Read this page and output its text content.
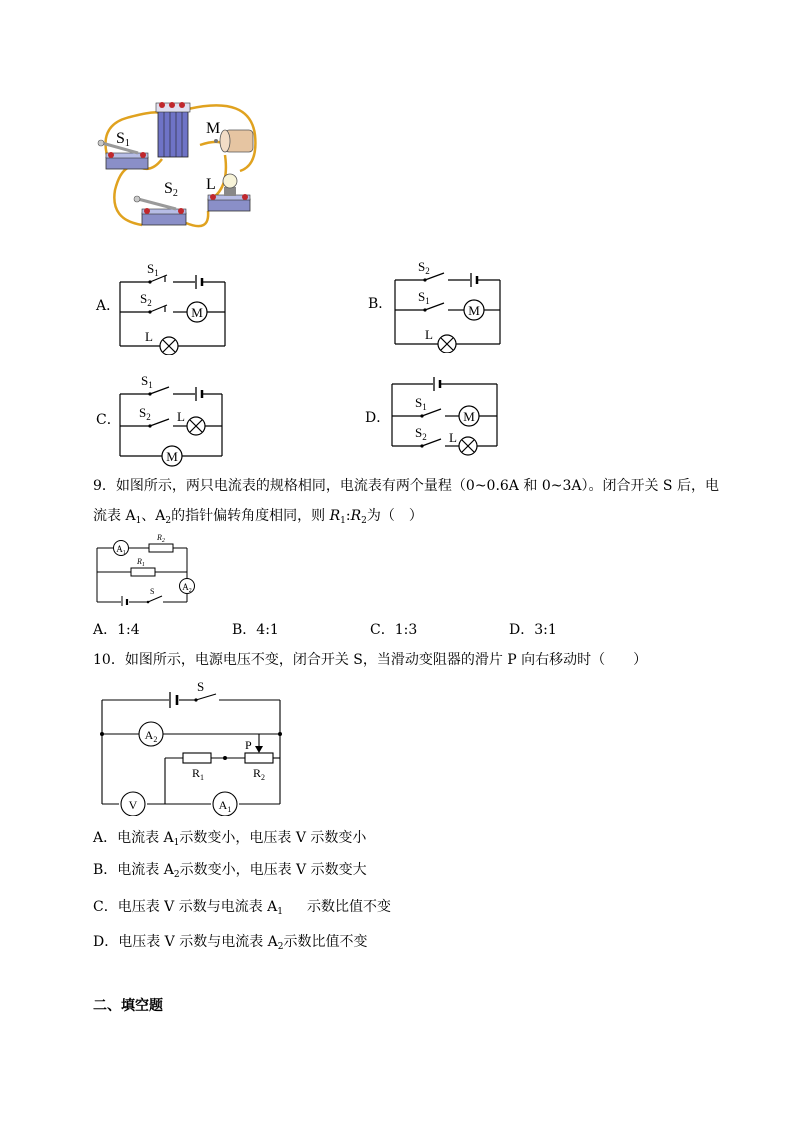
S1
S2
M
L
A．	M
$S_1$
$S_2$
L
B．	M
$S_2$
$S_1$
L
C．
M
$S_1$
$S_2$ L	D．	M
$S_1$
$S_2$ L
9．如图所示，两只电流表的规格相同，电流表有两个量程（0~0.6A 和 0~3A）。闭合开关 S 后，电
流表 $A_1$、$A_2$的指针偏转角度相同，则 $R_1:R_2$为（　）
$A_1$
$R_2$
$R_1$
$A_2$
S
A．1:4	B．4:1	C．1:3	D．3:1
10．如图所示，电源电压不变，闭合开关 S，当滑动变阻器的滑片 P 向右移动时（　　）
S
$A_2$
$R_1$	$R_2$
P
V	$A_1$
A．电流表 $A_1$示数变小，电压表 V 示数变小
B．电流表 $A_2$示数变小，电压表 V 示数变大
C．电压表 V 示数与电流表 $A_1$ 示数比值不变
D．电压表 V 示数与电流表 $A_2$示数比值不变
二、填空题
